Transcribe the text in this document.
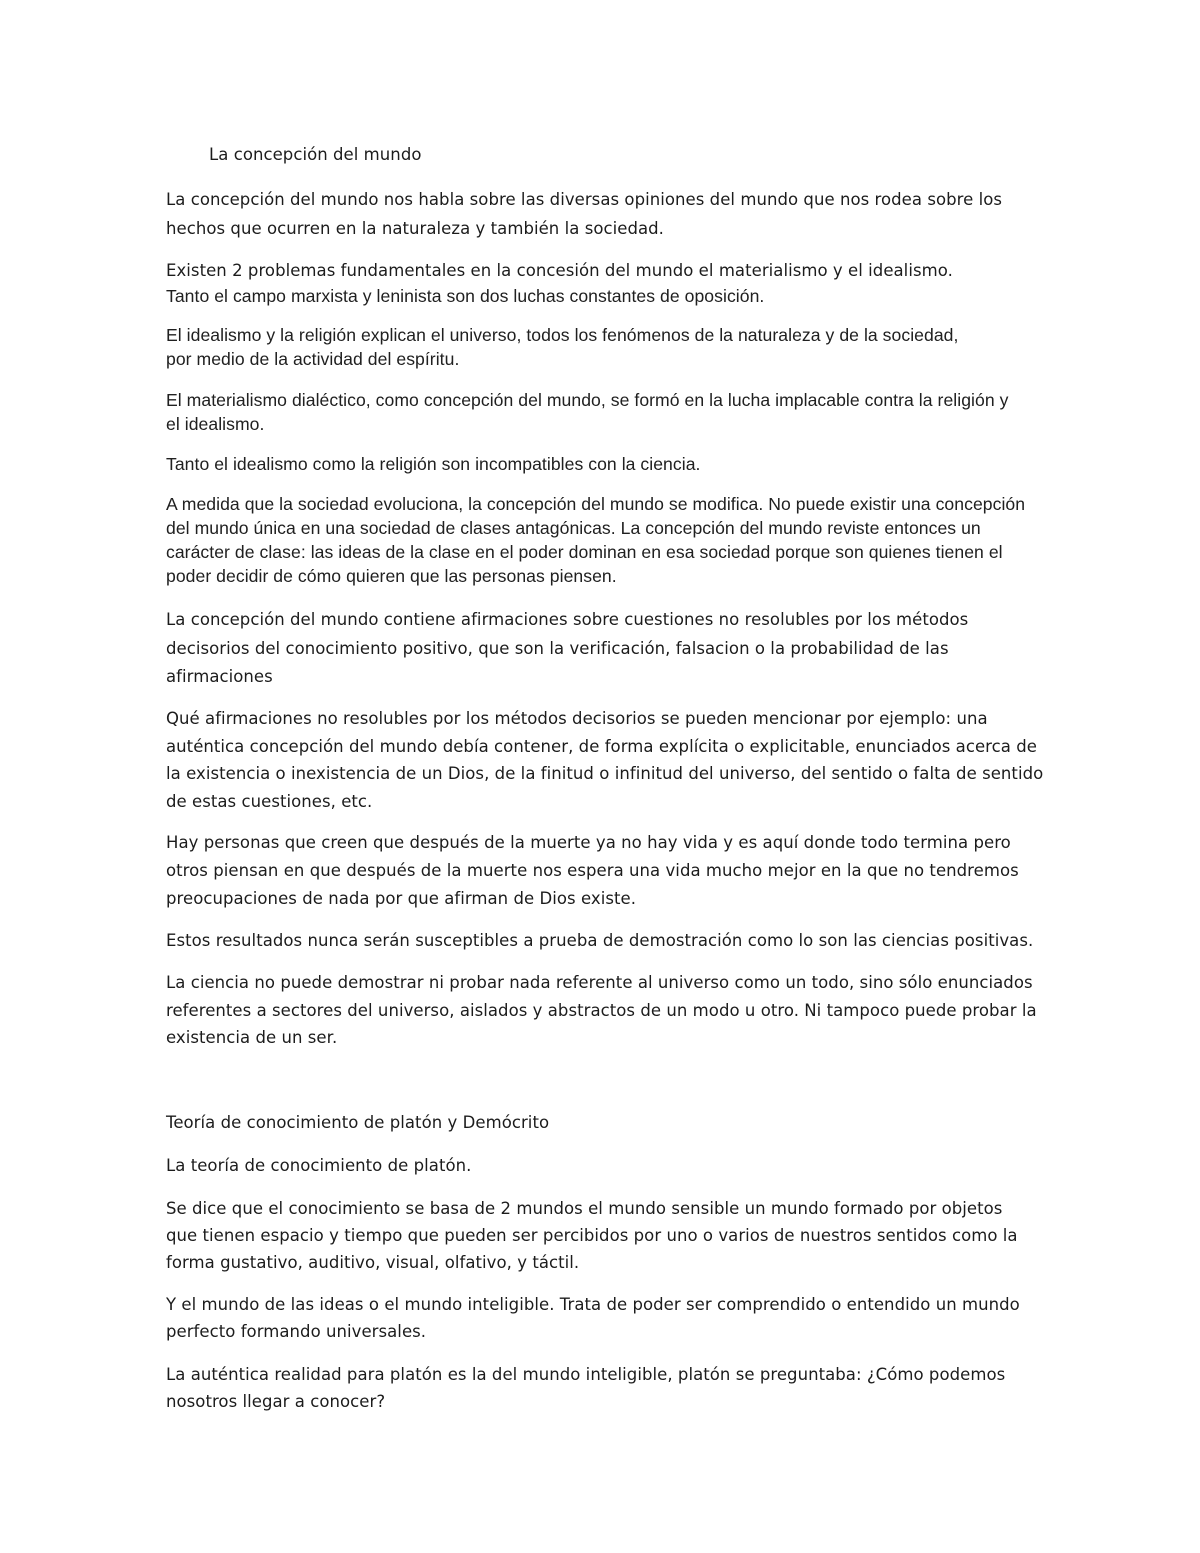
La concepción del mundo

La concepción del mundo nos habla sobre las diversas opiniones del mundo que nos rodea sobre los hechos que ocurren en la naturaleza y también la sociedad.

Existen 2 problemas fundamentales en la concesión del mundo el materialismo y el idealismo.

Tanto el campo marxista y leninista son dos luchas constantes de oposición.

El idealismo y la religión explican el universo, todos los fenómenos de la naturaleza y de la sociedad, por medio de la actividad del espíritu.

El materialismo dialéctico, como concepción del mundo, se formó en la lucha implacable contra la religión y el idealismo.

Tanto el idealismo como la religión son incompatibles con la ciencia.

A medida que la sociedad evoluciona, la concepción del mundo se modifica. No puede existir una concepción del mundo única en una sociedad de clases antagónicas. La concepción del mundo reviste entonces un carácter de clase: las ideas de la clase en el poder dominan en esa sociedad porque son quienes tienen el poder decidir de cómo quieren que las personas piensen.

La concepción del mundo contiene afirmaciones sobre cuestiones no resolubles por los métodos decisorios del conocimiento positivo, que son la verificación, falsacion o la probabilidad de las afirmaciones

Qué afirmaciones no resolubles por los métodos decisorios se pueden mencionar por ejemplo: una auténtica concepción del mundo debía contener, de forma explícita o explicitable, enunciados acerca de la existencia o inexistencia de un Dios, de la finitud o infinitud del universo, del sentido o falta de sentido de estas cuestiones, etc.

Hay personas que creen que después de la muerte ya no hay vida y es aquí donde todo termina pero otros piensan en que después de la muerte nos espera una vida mucho mejor en la que no tendremos preocupaciones de nada por que afirman de Dios existe.

Estos resultados nunca serán susceptibles a prueba de demostración como lo son las ciencias positivas.

La ciencia no puede demostrar ni probar nada referente al universo como un todo, sino sólo enunciados referentes a sectores del universo, aislados y abstractos de un modo u otro. Ni tampoco puede probar la existencia de un ser.

Teoría de conocimiento de platón y Demócrito

La teoría de conocimiento de platón.

Se dice que el conocimiento se basa de 2 mundos el mundo sensible un mundo formado por objetos que tienen espacio y tiempo que pueden ser percibidos por uno o varios de nuestros sentidos como la forma gustativo, auditivo, visual, olfativo, y táctil.

Y el mundo de las ideas o el mundo inteligible. Trata de poder ser comprendido o entendido un mundo perfecto formando universales.

La auténtica realidad para platón es la del mundo inteligible, platón se preguntaba: ¿Cómo podemos nosotros llegar a conocer?
